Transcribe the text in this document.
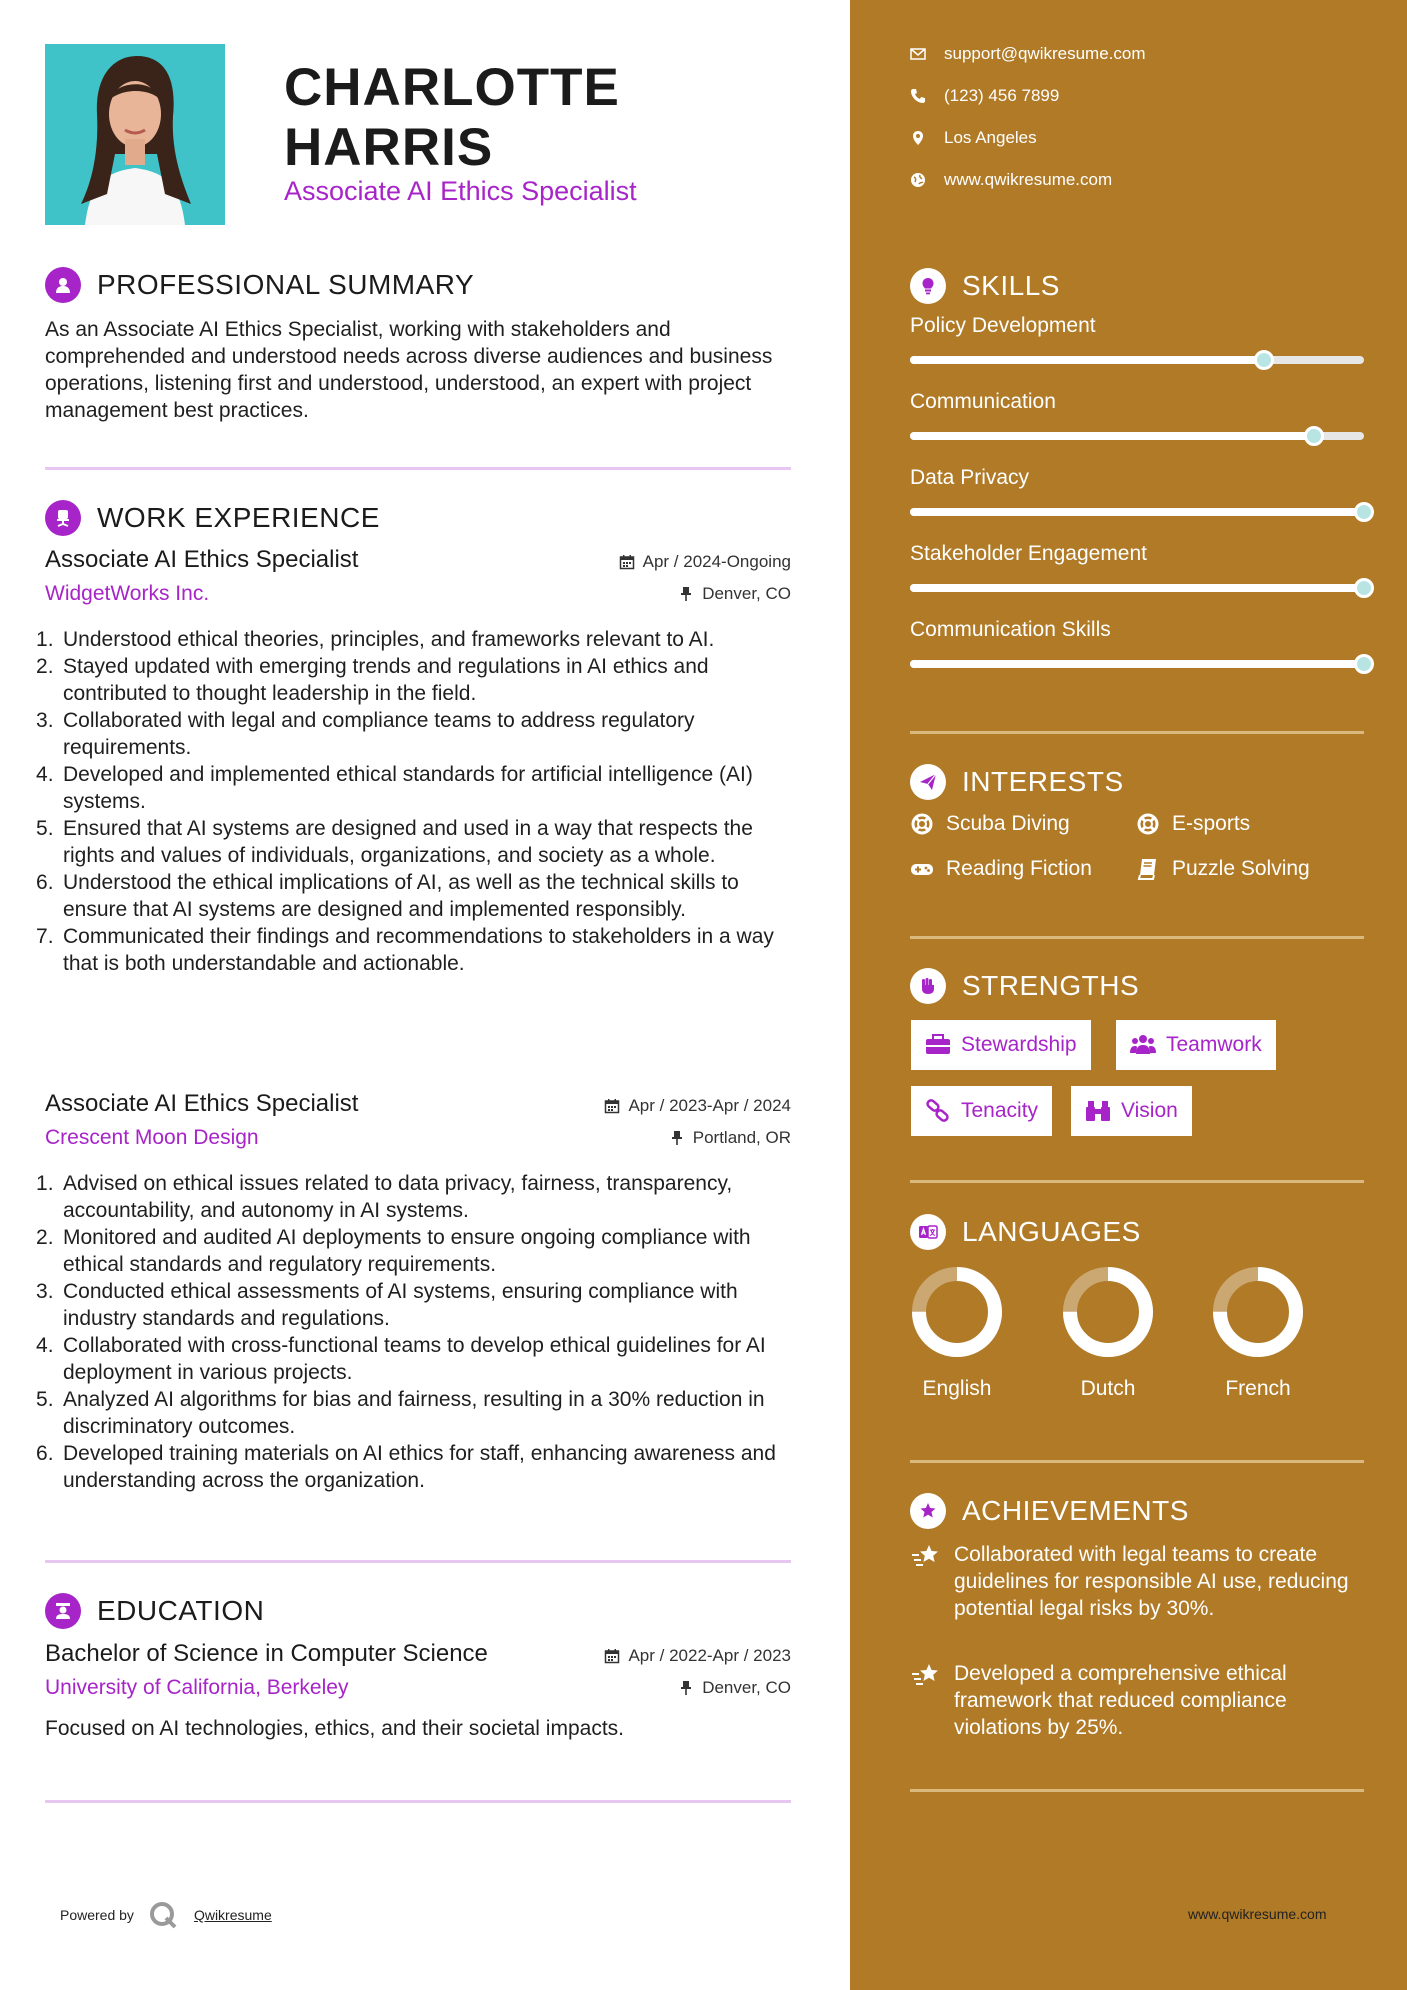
CHARLOTTE
HARRIS
Associate AI Ethics Specialist
PROFESSIONAL SUMMARY
As an Associate AI Ethics Specialist, working with stakeholders and comprehended and understood needs across diverse audiences and business operations, listening first and understood, understood, an expert with project management best practices.
WORK EXPERIENCE
Associate AI Ethics Specialist	Apr / 2024-Ongoing
WidgetWorks Inc.	Denver, CO
Understood ethical theories, principles, and frameworks relevant to AI.
Stayed updated with emerging trends and regulations in AI ethics and contributed to thought leadership in the field.
Collaborated with legal and compliance teams to address regulatory requirements.
Developed and implemented ethical standards for artificial intelligence (AI) systems.
Ensured that AI systems are designed and used in a way that respects the rights and values of individuals, organizations, and society as a whole.
Understood the ethical implications of AI, as well as the technical skills to ensure that AI systems are designed and implemented responsibly.
Communicated their findings and recommendations to stakeholders in a way that is both understandable and actionable.
Associate AI Ethics Specialist	Apr / 2023-Apr / 2024
Crescent Moon Design	Portland, OR
Advised on ethical issues related to data privacy, fairness, transparency, accountability, and autonomy in AI systems.
Monitored and audited AI deployments to ensure ongoing compliance with ethical standards and regulatory requirements.
Conducted ethical assessments of AI systems, ensuring compliance with industry standards and regulations.
Collaborated with cross-functional teams to develop ethical guidelines for AI deployment in various projects.
Analyzed AI algorithms for bias and fairness, resulting in a 30% reduction in discriminatory outcomes.
Developed training materials on AI ethics for staff, enhancing awareness and understanding across the organization.
EDUCATION
Bachelor of Science in Computer Science	Apr / 2022-Apr / 2023
University of California, Berkeley	Denver, CO
Focused on AI technologies, ethics, and their societal impacts.
Powered by	Qwikresume
support@qwikresume.com
(123) 456 7899
Los Angeles
www.qwikresume.com
SKILLS
Policy Development
Communication
Data Privacy
Stakeholder Engagement
Communication Skills
INTERESTS
Scuba Diving	E-sports
Reading Fiction	Puzzle Solving
STRENGTHS
Stewardship	Teamwork
Tenacity	Vision
LANGUAGES
English	Dutch	French
ACHIEVEMENTS
Collaborated with legal teams to create guidelines for responsible AI use, reducing potential legal risks by 30%.
Developed a comprehensive ethical framework that reduced compliance violations by 25%.
www.qwikresume.com
